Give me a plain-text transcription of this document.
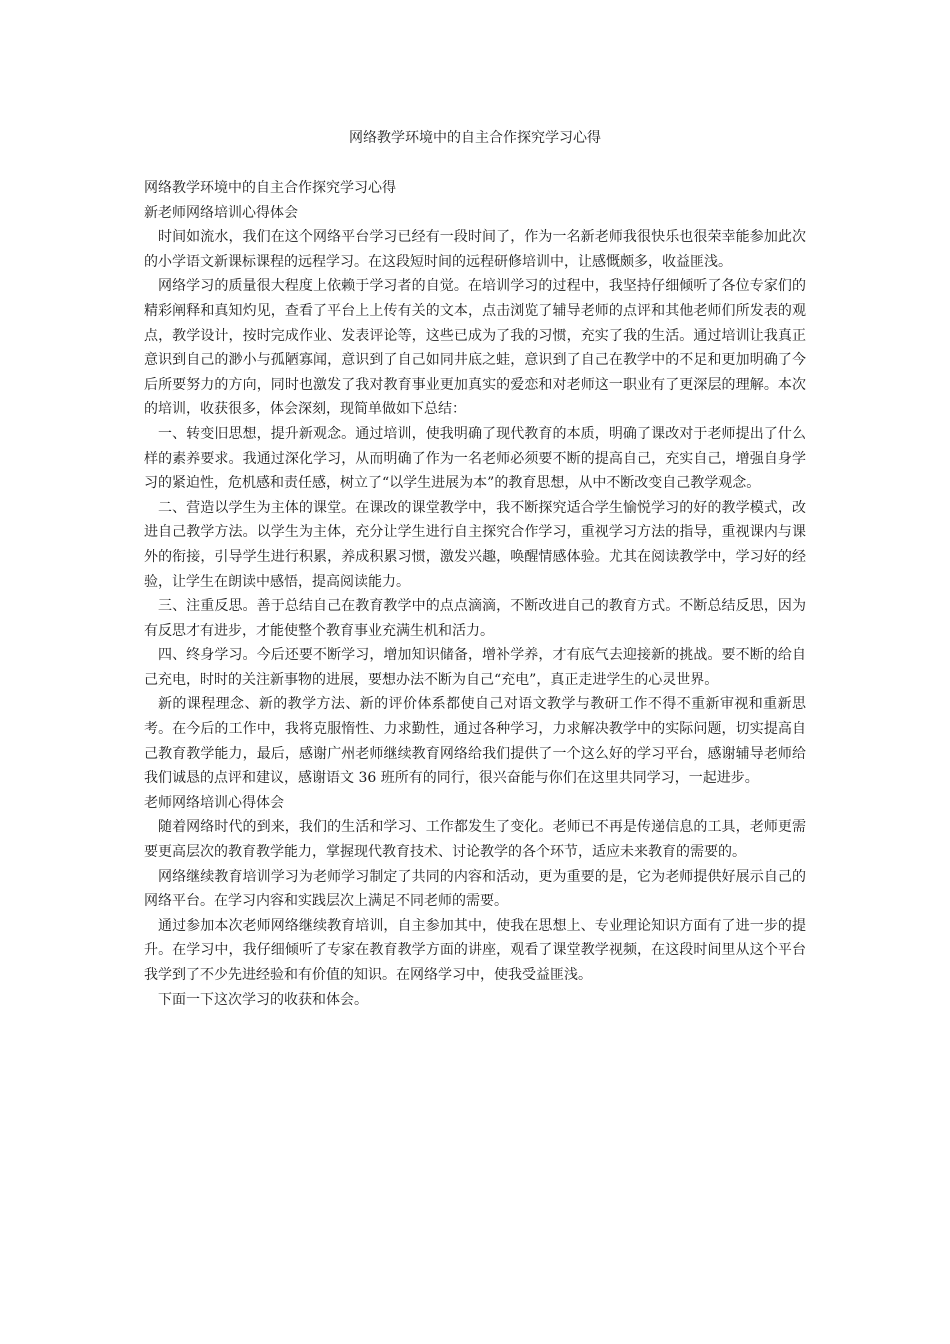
网络教学环境中的自主合作探究学习心得

网络教学环境中的自主合作探究学习心得

新老师网络培训心得体会

时间如流水，我们在这个网络平台学习已经有一段时间了，作为一名新老师我很快乐也很荣幸能参加此次的小学语文新课标课程的远程学习。在这段短时间的远程研修培训中，让感慨颇多，收益匪浅。

网络学习的质量很大程度上依赖于学习者的自觉。在培训学习的过程中，我坚持仔细倾听了各位专家们的精彩阐释和真知灼见，查看了平台上上传有关的文本，点击浏览了辅导老师的点评和其他老师们所发表的观点，教学设计，按时完成作业、发表评论等，这些已成为了我的习惯，充实了我的生活。通过培训让我真正意识到自己的渺小与孤陋寡闻，意识到了自己如同井底之蛙，意识到了自己在教学中的不足和更加明确了今后所要努力的方向，同时也激发了我对教育事业更加真实的爱恋和对老师这一职业有了更深层的理解。本次的培训，收获很多，体会深刻，现简单做如下总结：

一、转变旧思想，提升新观念。通过培训，使我明确了现代教育的本质，明确了课改对于老师提出了什么样的素养要求。我通过深化学习，从而明确了作为一名老师必须要不断的提高自己，充实自己，增强自身学习的紧迫性，危机感和责任感，树立了“以学生进展为本”的教育思想，从中不断改变自己教学观念。

二、营造以学生为主体的课堂。在课改的课堂教学中，我不断探究适合学生愉悦学习的好的教学模式，改进自己教学方法。以学生为主体，充分让学生进行自主探究合作学习，重视学习方法的指导，重视课内与课外的衔接，引导学生进行积累，养成积累习惯，激发兴趣，唤醒情感体验。尤其在阅读教学中，学习好的经验，让学生在朗读中感悟，提高阅读能力。

三、注重反思。善于总结自己在教育教学中的点点滴滴，不断改进自己的教育方式。不断总结反思，因为有反思才有进步，才能使整个教育事业充满生机和活力。

四、终身学习。今后还要不断学习，增加知识储备，增补学养，才有底气去迎接新的挑战。要不断的给自己充电，时时的关注新事物的进展，要想办法不断为自己“充电”，真正走进学生的心灵世界。

新的课程理念、新的教学方法、新的评价体系都使自己对语文教学与教研工作不得不重新审视和重新思考。在今后的工作中，我将克服惰性、力求勤性，通过各种学习，力求解决教学中的实际问题，切实提高自己教育教学能力，最后，感谢广州老师继续教育网络给我们提供了一个这么好的学习平台，感谢辅导老师给我们诚恳的点评和建议，感谢语文 36 班所有的同行，很兴奋能与你们在这里共同学习，一起进步。

老师网络培训心得体会

随着网络时代的到来，我们的生活和学习、工作都发生了变化。老师已不再是传递信息的工具，老师更需要更高层次的教育教学能力，掌握现代教育技术、讨论教学的各个环节，适应未来教育的需要的。

网络继续教育培训学习为老师学习制定了共同的内容和活动，更为重要的是，它为老师提供好展示自己的网络平台。在学习内容和实践层次上满足不同老师的需要。

通过参加本次老师网络继续教育培训，自主参加其中，使我在思想上、专业理论知识方面有了进一步的提升。在学习中，我仔细倾听了专家在教育教学方面的讲座，观看了课堂教学视频，在这段时间里从这个平台我学到了不少先进经验和有价值的知识。在网络学习中，使我受益匪浅。

下面一下这次学习的收获和体会。
